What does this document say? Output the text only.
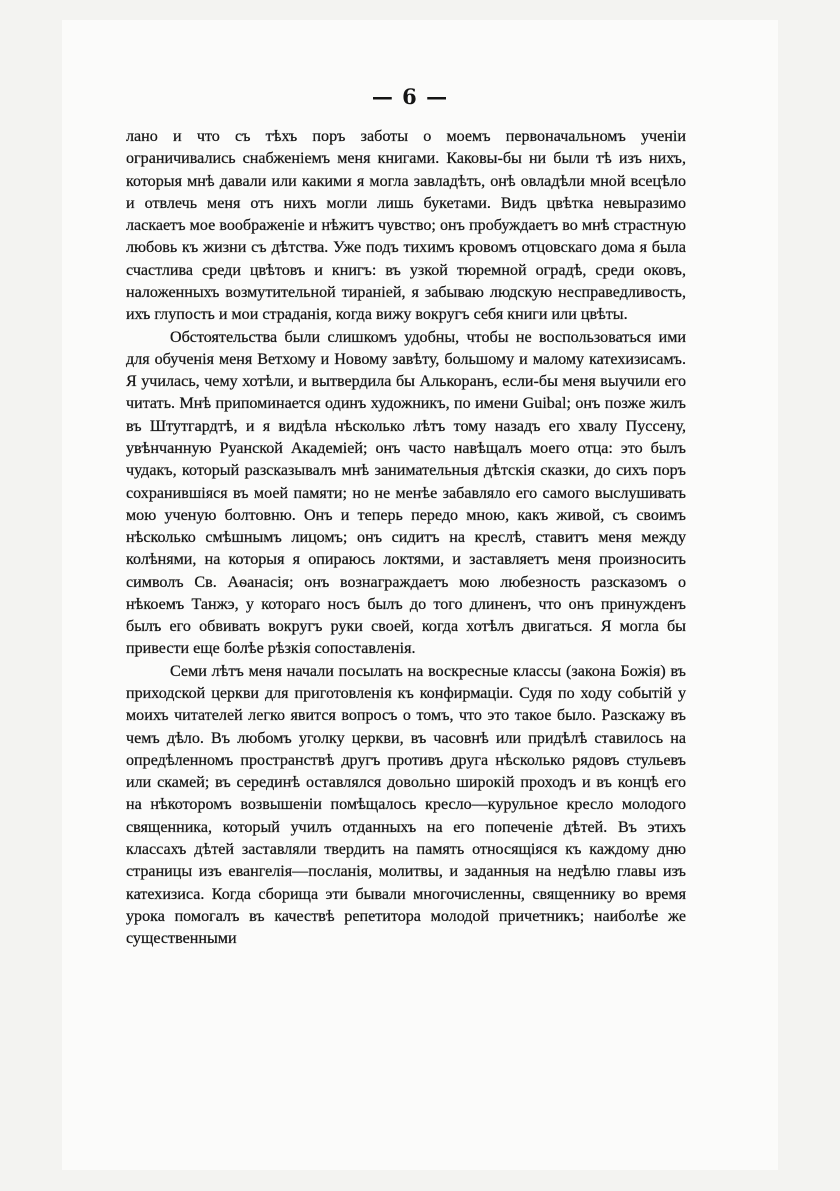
— 6 —

лано и что съ тѣхъ поръ заботы о моемъ первоначальномъ ученіи ограничивались снабженіемъ меня книгами. Каковы-бы ни были тѣ изъ нихъ, которыя мнѣ давали или какими я могла завладѣть, онѣ овладѣли мной всецѣло и отвлечь меня отъ нихъ могли лишь букетами. Видъ цвѣтка невыразимо ласкаетъ мое воображеніе и нѣжитъ чувство; онъ пробуждаетъ во мнѣ страстную любовь къ жизни съ дѣтства. Уже подъ тихимъ кровомъ отцовскаго дома я была счастлива среди цвѣтовъ и книгъ: въ узкой тюремной оградѣ, среди оковъ, наложенныхъ возмутительной тираніей, я забываю людскую несправедливость, ихъ глупость и мои страданія, когда вижу вокругъ себя книги или цвѣты.

Обстоятельства были слишкомъ удобны, чтобы не воспользоваться ими для обученія меня Ветхому и Новому завѣту, большому и малому катехизисамъ. Я училась, чему хотѣли, и вытвердила бы Алькоранъ, если-бы меня выучили его читать. Мнѣ припоминается одинъ художникъ, по имени Guibal; онъ позже жилъ въ Штутгардтѣ, и я видѣла нѣсколько лѣтъ тому назадъ его хвалу Пуссену, увѣнчанную Руанской Академіей; онъ часто навѣщалъ моего отца: это былъ чудакъ, который разсказывалъ мнѣ занимательныя дѣтскія сказки, до сихъ поръ сохранившіяся въ моей памяти; но не менѣе забавляло его самого выслушивать мою ученую болтовню. Онъ и теперь передо мною, какъ живой, съ своимъ нѣсколько смѣшнымъ лицомъ; онъ сидитъ на креслѣ, ставитъ меня между колѣнями, на которыя я опираюсь локтями, и заставляетъ меня произносить символъ Св. Аѳанасія; онъ вознаграждаетъ мою любезность разсказомъ о нѣкоемъ Танжэ, у котораго носъ былъ до того длиненъ, что онъ принужденъ былъ его обвивать вокругъ руки своей, когда хотѣлъ двигаться. Я могла бы привести еще болѣе рѣзкія сопоставленія.

Семи лѣтъ меня начали посылать на воскресные классы (закона Божія) въ приходской церкви для приготовленія къ конфирмаціи. Судя по ходу событій у моихъ читателей легко явится вопросъ о томъ, что это такое было. Разскажу въ чемъ дѣло. Въ любомъ уголку церкви, въ часовнѣ или придѣлѣ ставилось на опредѣленномъ пространствѣ другъ противъ друга нѣсколько рядовъ стульевъ или скамей; въ серединѣ оставлялся довольно широкій проходъ и въ концѣ его на нѣкоторомъ возвышеніи помѣщалось кресло—курульное кресло молодого священника, который училъ отданныхъ на его попеченіе дѣтей. Въ этихъ классахъ дѣтей заставляли твердить на память относящіяся къ каждому дню страницы изъ евангелія—посланія, молитвы, и заданныя на недѣлю главы изъ катехизиса. Когда сборища эти бывали многочисленны, священнику во время урока помогалъ въ качествѣ репетитора молодой причетникъ; наиболѣе же существенными
